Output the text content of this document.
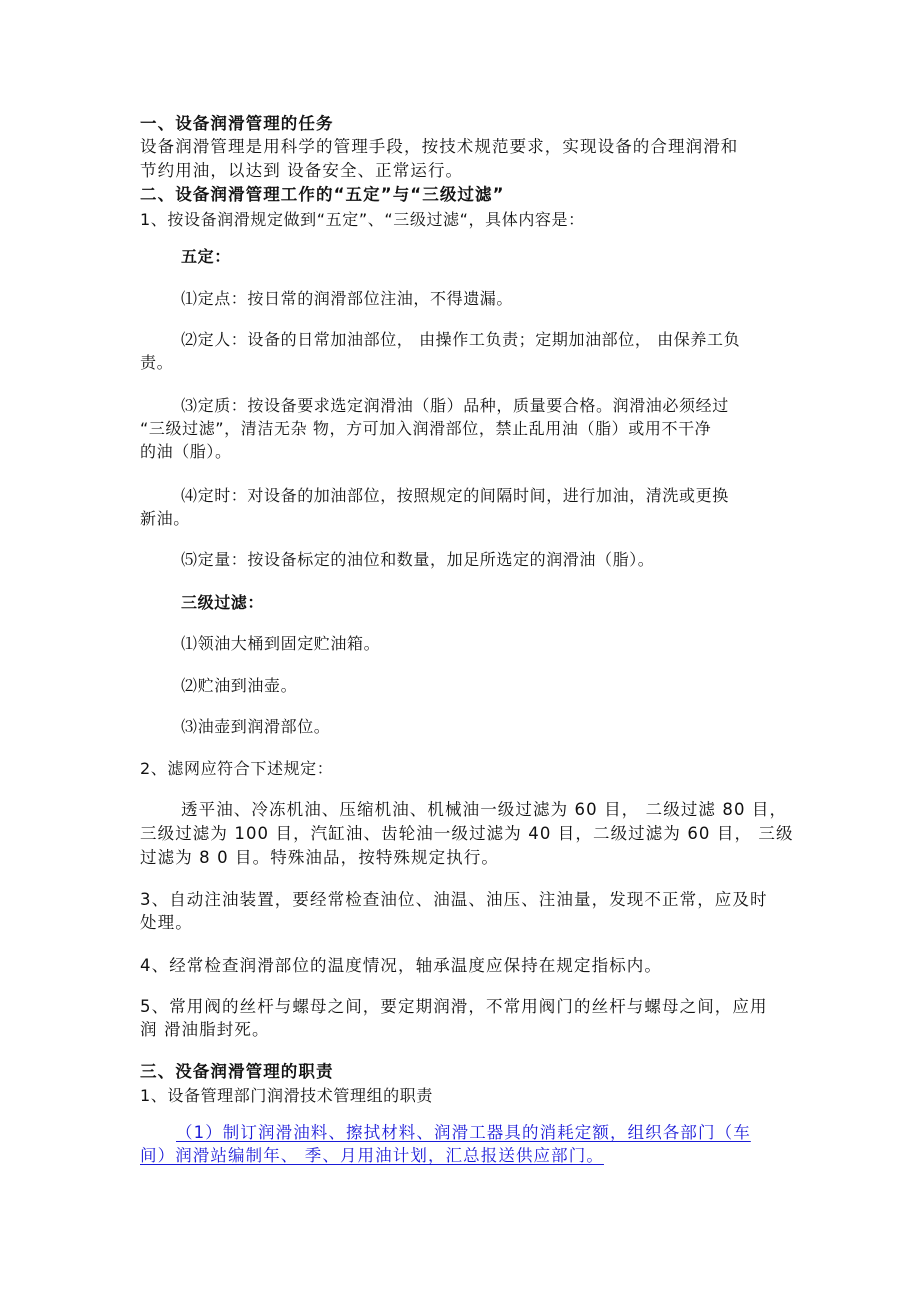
一、设备润滑管理的任务
设备润滑管理是用科学的管理手段，按技术规范要求，实现设备的合理润滑和
节约用油，以达到 设备安全、正常运行。
二、设备润滑管理工作的“五定”与“三级过滤”
1、按设备润滑规定做到“五定”、“三级过滤“，具体内容是：
五定：
⑴定点：按日常的润滑部位注油，不得遗漏。
⑵定人：设备的日常加油部位， 由操作工负责；定期加油部位， 由保养工负
责。
⑶定质：按设备要求选定润滑油（脂）品种，质量要合格。润滑油必须经过
“三级过滤”，清洁无杂 物，方可加入润滑部位，禁止乱用油（脂）或用不干净
的油（脂）。
⑷定时：对设备的加油部位，按照规定的间隔时间，进行加油，清洗或更换
新油。
⑸定量：按设备标定的油位和数量，加足所选定的润滑油（脂）。
三级过滤：
⑴领油大桶到固定贮油箱。
⑵贮油到油壶。
⑶油壶到润滑部位。
2、滤网应符合下述规定：
透平油、冷冻机油、压缩机油、机械油一级过滤为 60 目， 二级过滤 80 目，
三级过滤为 100 目，汽缸油、齿轮油一级过滤为 40 目，二级过滤为 60 目， 三级
过滤为 8 0 目。特殊油品，按特殊规定执行。
3、自动注油装置，要经常检查油位、油温、油压、注油量，发现不正常，应及时
处理。
4、经常检查润滑部位的温度情况，轴承温度应保持在规定指标内。
5、常用阀的丝杆与螺母之间，要定期润滑，不常用阀门的丝杆与螺母之间，应用
润 滑油脂封死。
三、没备润滑管理的职责
1、设备管理部门润滑技术管理组的职责
（1）制订润滑油料、擦拭材料、润滑工器具的消耗定额，组织各部门（车
间）润滑站编制年、 季、月用油计划，汇总报送供应部门。
